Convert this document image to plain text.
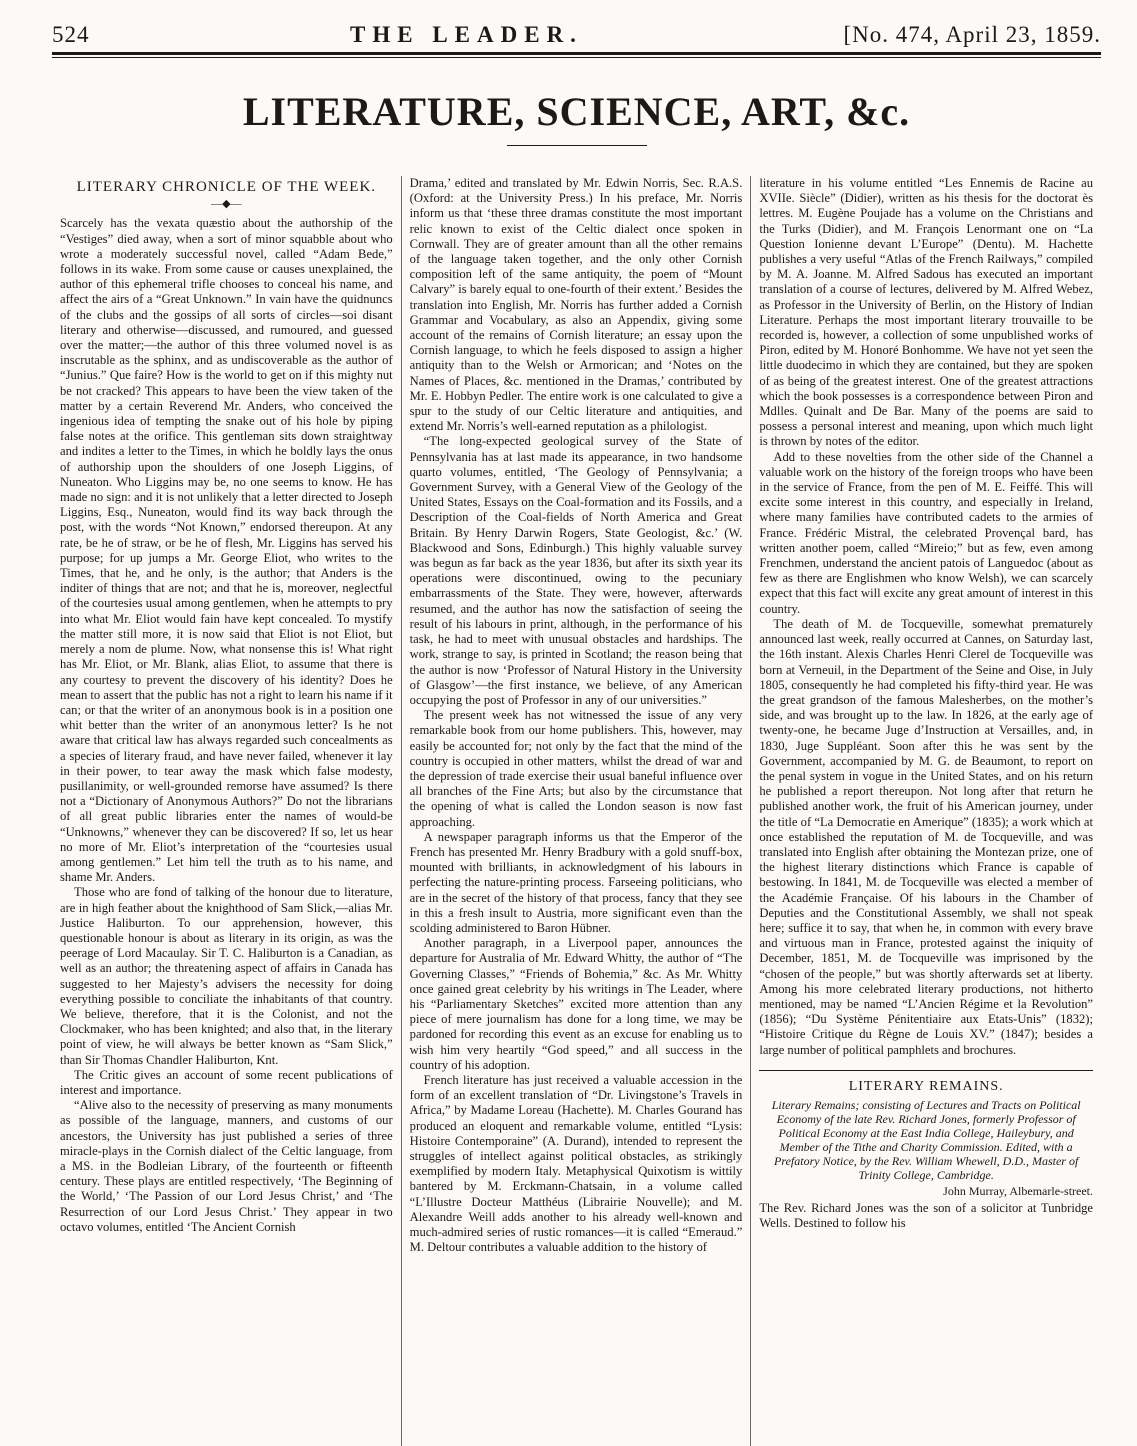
524	THE LEADER.	[No. 474, April 23, 1859.
LITERATURE, SCIENCE, ART, &c.
LITERARY CHRONICLE OF THE WEEK.
—◆—

Scarcely has the vexata quæstio about the authorship of the “Vestiges” died away, when a sort of minor squabble about who wrote a moderately successful novel, called “Adam Bede,” follows in its wake. From some cause or causes unexplained, the author of this ephemeral trifle chooses to conceal his name, and affect the airs of a “Great Unknown.” In vain have the quidnuncs of the clubs and the gossips of all sorts of circles—soi disant literary and otherwise—discussed, and rumoured, and guessed over the matter;—the author of this three volumed novel is as inscrutable as the sphinx, and as undiscoverable as the author of “Junius.” Que faire? How is the world to get on if this mighty nut be not cracked? This appears to have been the view taken of the matter by a certain Reverend Mr. Anders, who conceived the ingenious idea of tempting the snake out of his hole by piping false notes at the orifice. This gentleman sits down straightway and indites a letter to the Times, in which he boldly lays the onus of authorship upon the shoulders of one Joseph Liggins, of Nuneaton. Who Liggins may be, no one seems to know. He has made no sign: and it is not unlikely that a letter directed to Joseph Liggins, Esq., Nuneaton, would find its way back through the post, with the words “Not Known,” endorsed thereupon. At any rate, be he of straw, or be he of flesh, Mr. Liggins has served his purpose; for up jumps a Mr. George Eliot, who writes to the Times, that he, and he only, is the author; that Anders is the inditer of things that are not; and that he is, moreover, neglectful of the courtesies usual among gentlemen, when he attempts to pry into what Mr. Eliot would fain have kept concealed. To mystify the matter still more, it is now said that Eliot is not Eliot, but merely a nom de plume. Now, what nonsense this is! What right has Mr. Eliot, or Mr. Blank, alias Eliot, to assume that there is any courtesy to prevent the discovery of his identity? Does he mean to assert that the public has not a right to learn his name if it can; or that the writer of an anonymous book is in a position one whit better than the writer of an anonymous letter? Is he not aware that critical law has always regarded such concealments as a species of literary fraud, and have never failed, whenever it lay in their power, to tear away the mask which false modesty, pusillanimity, or well-grounded remorse have assumed? Is there not a “Dictionary of Anonymous Authors?” Do not the librarians of all great public libraries enter the names of would-be “Unknowns,” whenever they can be discovered? If so, let us hear no more of Mr. Eliot’s interpretation of the “courtesies usual among gentlemen.” Let him tell the truth as to his name, and shame Mr. Anders.

Those who are fond of talking of the honour due to literature, are in high feather about the knighthood of Sam Slick,—alias Mr. Justice Haliburton. To our apprehension, however, this questionable honour is about as literary in its origin, as was the peerage of Lord Macaulay. Sir T. C. Haliburton is a Canadian, as well as an author; the threatening aspect of affairs in Canada has suggested to her Majesty’s advisers the necessity for doing everything possible to conciliate the inhabitants of that country. We believe, therefore, that it is the Colonist, and not the Clockmaker, who has been knighted; and also that, in the literary point of view, he will always be better known as “Sam Slick,” than Sir Thomas Chandler Haliburton, Knt.

The Critic gives an account of some recent publications of interest and importance.

“Alive also to the necessity of preserving as many monuments as possible of the language, manners, and customs of our ancestors, the University has just published a series of three miracle-plays in the Cornish dialect of the Celtic language, from a MS. in the Bodleian Library, of the fourteenth or fifteenth century. These plays are entitled respectively, ‘The Beginning of the World,’ ‘The Passion of our Lord Jesus Christ,’ and ‘The Resurrection of our Lord Jesus Christ.’ They appear in two octavo volumes, entitled ‘The Ancient Cornish

Drama,’ edited and translated by Mr. Edwin Norris, Sec. R.A.S. (Oxford: at the University Press.) In his preface, Mr. Norris inform us that ‘these three dramas constitute the most important relic known to exist of the Celtic dialect once spoken in Cornwall. They are of greater amount than all the other remains of the language taken together, and the only other Cornish composition left of the same antiquity, the poem of “Mount Calvary” is barely equal to one-fourth of their extent.’ Besides the translation into English, Mr. Norris has further added a Cornish Grammar and Vocabulary, as also an Appendix, giving some account of the remains of Cornish literature; an essay upon the Cornish language, to which he feels disposed to assign a higher antiquity than to the Welsh or Armorican; and ‘Notes on the Names of Places, &c. mentioned in the Dramas,’ contributed by Mr. E. Hobbyn Pedler. The entire work is one calculated to give a spur to the study of our Celtic literature and antiquities, and extend Mr. Norris’s well-earned reputation as a philologist.

“The long-expected geological survey of the State of Pennsylvania has at last made its appearance, in two handsome quarto volumes, entitled, ‘The Geology of Pennsylvania; a Government Survey, with a General View of the Geology of the United States, Essays on the Coal-formation and its Fossils, and a Description of the Coal-fields of North America and Great Britain. By Henry Darwin Rogers, State Geologist, &c.’ (W. Blackwood and Sons, Edinburgh.) This highly valuable survey was begun as far back as the year 1836, but after its sixth year its operations were discontinued, owing to the pecuniary embarrassments of the State. They were, however, afterwards resumed, and the author has now the satisfaction of seeing the result of his labours in print, although, in the performance of his task, he had to meet with unusual obstacles and hardships. The work, strange to say, is printed in Scotland; the reason being that the author is now ‘Professor of Natural History in the University of Glasgow’—the first instance, we believe, of any American occupying the post of Professor in any of our universities.”

The present week has not witnessed the issue of any very remarkable book from our home publishers. This, however, may easily be accounted for; not only by the fact that the mind of the country is occupied in other matters, whilst the dread of war and the depression of trade exercise their usual baneful influence over all branches of the Fine Arts; but also by the circumstance that the opening of what is called the London season is now fast approaching.

A newspaper paragraph informs us that the Emperor of the French has presented Mr. Henry Bradbury with a gold snuff-box, mounted with brilliants, in acknowledgment of his labours in perfecting the nature-printing process. Farseeing politicians, who are in the secret of the history of that process, fancy that they see in this a fresh insult to Austria, more significant even than the scolding administered to Baron Hübner.

Another paragraph, in a Liverpool paper, announces the departure for Australia of Mr. Edward Whitty, the author of “The Governing Classes,” “Friends of Bohemia,” &c. As Mr. Whitty once gained great celebrity by his writings in The Leader, where his “Parliamentary Sketches” excited more attention than any piece of mere journalism has done for a long time, we may be pardoned for recording this event as an excuse for enabling us to wish him very heartily “God speed,” and all success in the country of his adoption.

French literature has just received a valuable accession in the form of an excellent translation of “Dr. Livingstone’s Travels in Africa,” by Madame Loreau (Hachette). M. Charles Gourand has produced an eloquent and remarkable volume, entitled “Lysis: Histoire Contemporaine” (A. Durand), intended to represent the struggles of intellect against political obstacles, as strikingly exemplified by modern Italy. Metaphysical Quixotism is wittily bantered by M. Erckmann-Chatsain, in a volume called “L’Illustre Docteur Matthéus (Librairie Nouvelle); and M. Alexandre Weill adds another to his already well-known and much-admired series of rustic romances—it is called “Emeraud.” M. Deltour contributes a valuable addition to the history of

literature in his volume entitled “Les Ennemis de Racine au XVIIe. Siècle” (Didier), written as his thesis for the doctorat ès lettres. M. Eugène Poujade has a volume on the Christians and the Turks (Didier), and M. François Lenormant one on “La Question Ionienne devant L’Europe” (Dentu). M. Hachette publishes a very useful “Atlas of the French Railways,” compiled by M. A. Joanne. M. Alfred Sadous has executed an important translation of a course of lectures, delivered by M. Alfred Webez, as Professor in the University of Berlin, on the History of Indian Literature. Perhaps the most important literary trouvaille to be recorded is, however, a collection of some unpublished works of Piron, edited by M. Honoré Bonhomme. We have not yet seen the little duodecimo in which they are contained, but they are spoken of as being of the greatest interest. One of the greatest attractions which the book possesses is a correspondence between Piron and Mdlles. Quinalt and De Bar. Many of the poems are said to possess a personal interest and meaning, upon which much light is thrown by notes of the editor.

Add to these novelties from the other side of the Channel a valuable work on the history of the foreign troops who have been in the service of France, from the pen of M. E. Feiffé. This will excite some interest in this country, and especially in Ireland, where many families have contributed cadets to the armies of France. Frédéric Mistral, the celebrated Provençal bard, has written another poem, called “Mireio;” but as few, even among Frenchmen, understand the ancient patois of Languedoc (about as few as there are Englishmen who know Welsh), we can scarcely expect that this fact will excite any great amount of interest in this country.

The death of M. de Tocqueville, somewhat prematurely announced last week, really occurred at Cannes, on Saturday last, the 16th instant. Alexis Charles Henri Clerel de Tocqueville was born at Verneuil, in the Department of the Seine and Oise, in July 1805, consequently he had completed his fifty-third year. He was the great grandson of the famous Malesherbes, on the mother’s side, and was brought up to the law. In 1826, at the early age of twenty-one, he became Juge d’Instruction at Versailles, and, in 1830, Juge Suppléant. Soon after this he was sent by the Government, accompanied by M. G. de Beaumont, to report on the penal system in vogue in the United States, and on his return he published a report thereupon. Not long after that return he published another work, the fruit of his American journey, under the title of “La Democratie en Amerique” (1835); a work which at once established the reputation of M. de Tocqueville, and was translated into English after obtaining the Montezan prize, one of the highest literary distinctions which France is capable of bestowing. In 1841, M. de Tocqueville was elected a member of the Académie Française. Of his labours in the Chamber of Deputies and the Constitutional Assembly, we shall not speak here; suffice it to say, that when he, in common with every brave and virtuous man in France, protested against the iniquity of December, 1851, M. de Tocqueville was imprisoned by the “chosen of the people,” but was shortly afterwards set at liberty. Among his more celebrated literary productions, not hitherto mentioned, may be named “L’Ancien Régime et la Revolution” (1856); “Du Système Pénitentiaire aux Etats-Unis” (1832); “Histoire Critique du Règne de Louis XV.” (1847); besides a large number of political pamphlets and brochures.

LITERARY REMAINS.
Literary Remains; consisting of Lectures and Tracts on Political Economy of the late Rev. Richard Jones, formerly Professor of Political Economy at the East India College, Haileybury, and Member of the Tithe and Charity Commission. Edited, with a Prefatory Notice, by the Rev. William Whewell, D.D., Master of Trinity College, Cambridge.
John Murray, Albemarle-street.

The Rev. Richard Jones was the son of a solicitor at Tunbridge Wells. Destined to follow his
